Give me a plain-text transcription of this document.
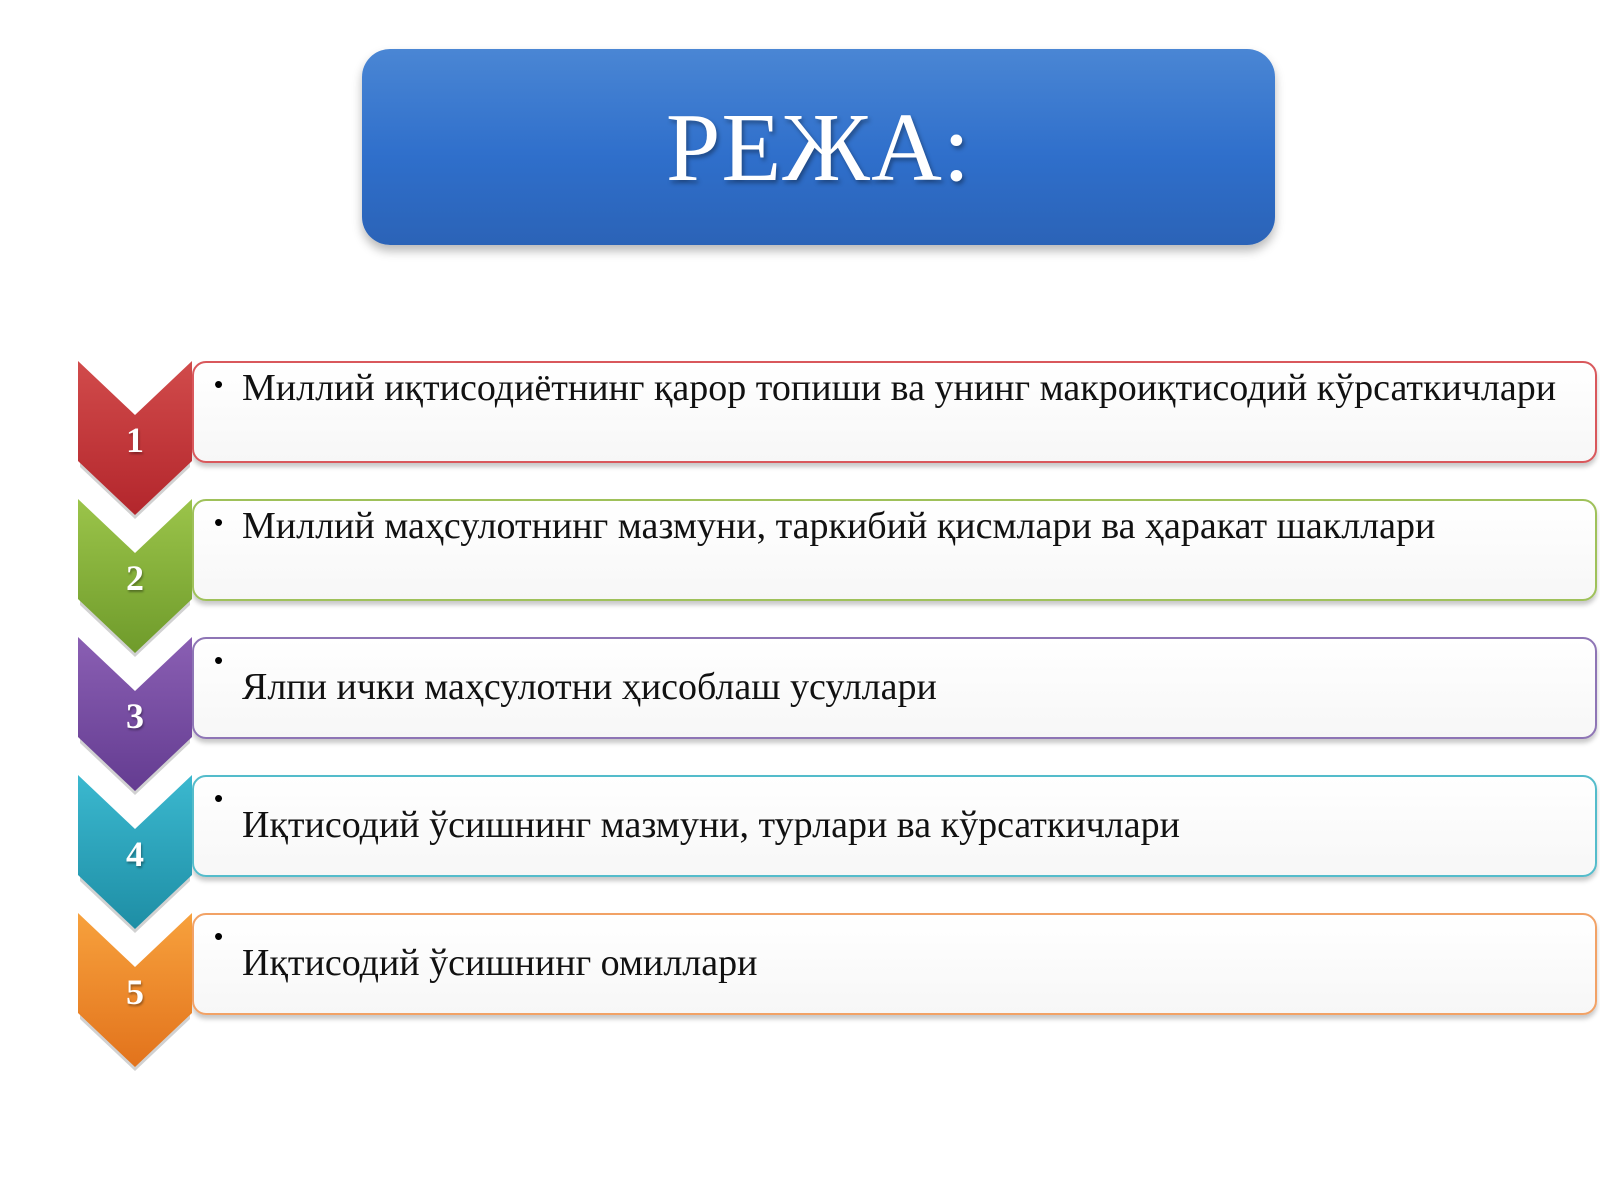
РЕЖА:
• Миллий иқтисодиётнинг қарор топиши ва унинг макроиқтисодий кўрсаткичлари
1
• Миллий маҳсулотнинг мазмуни, таркибий қисмлари ва ҳаракат шакллари
2
•
Ялпи ички маҳсулотни ҳисоблаш усуллари
3
•
Иқтисодий ўсишнинг мазмуни, турлари ва кўрсаткичлари
4
•
Иқтисодий ўсишнинг омиллари
5
